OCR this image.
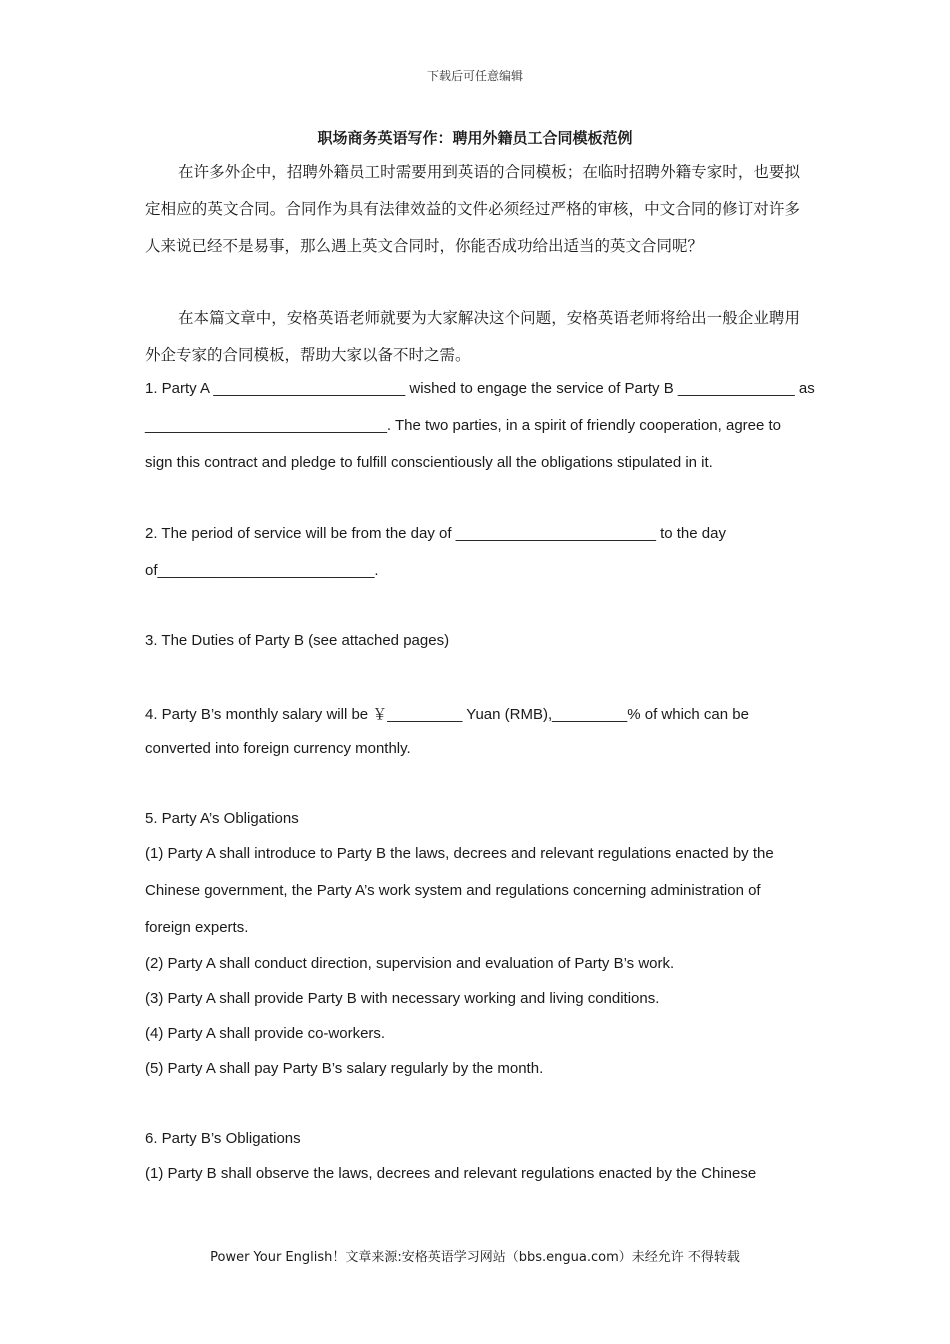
下载后可任意编辑
职场商务英语写作：聘用外籍员工合同模板范例
在许多外企中，招聘外籍员工时需要用到英语的合同模板；在临时招聘外籍专家时，也要拟定相应的英文合同。合同作为具有法律效益的文件必须经过严格的审核，中文合同的修订对许多人来说已经不是易事，那么遇上英文合同时，你能否成功给出适当的英文合同呢？
在本篇文章中，安格英语老师就要为大家解决这个问题，安格英语老师将给出一般企业聘用外企专家的合同模板，帮助大家以备不时之需。
1. Party A _______________________ wished to engage the service of Party B ______________ as
_____________________________. The two parties, in a spirit of friendly cooperation, agree to
sign this contract and pledge to fulfill conscientiously all the obligations stipulated in it.
2. The period of service will be from the day of ________________________ to the day
of__________________________.
3. The Duties of Party B (see attached pages)
4. Party B’s monthly salary will be ￥_________ Yuan (RMB),_________% of which can be
converted into foreign currency monthly.
5. Party A’s Obligations
(1) Party A shall introduce to Party B the laws, decrees and relevant regulations enacted by the
Chinese government, the Party A’s work system and regulations concerning administration of
foreign experts.
(2) Party A shall conduct direction, supervision and evaluation of Party B’s work.
(3) Party A shall provide Party B with necessary working and living conditions.
(4) Party A shall provide co-workers.
(5) Party A shall pay Party B’s salary regularly by the month.
6. Party B’s Obligations
(1) Party B shall observe the laws, decrees and relevant regulations enacted by the Chinese
Power Your English！文章来源:安格英语学习网站（bbs.engua.com）未经允许 不得转载
